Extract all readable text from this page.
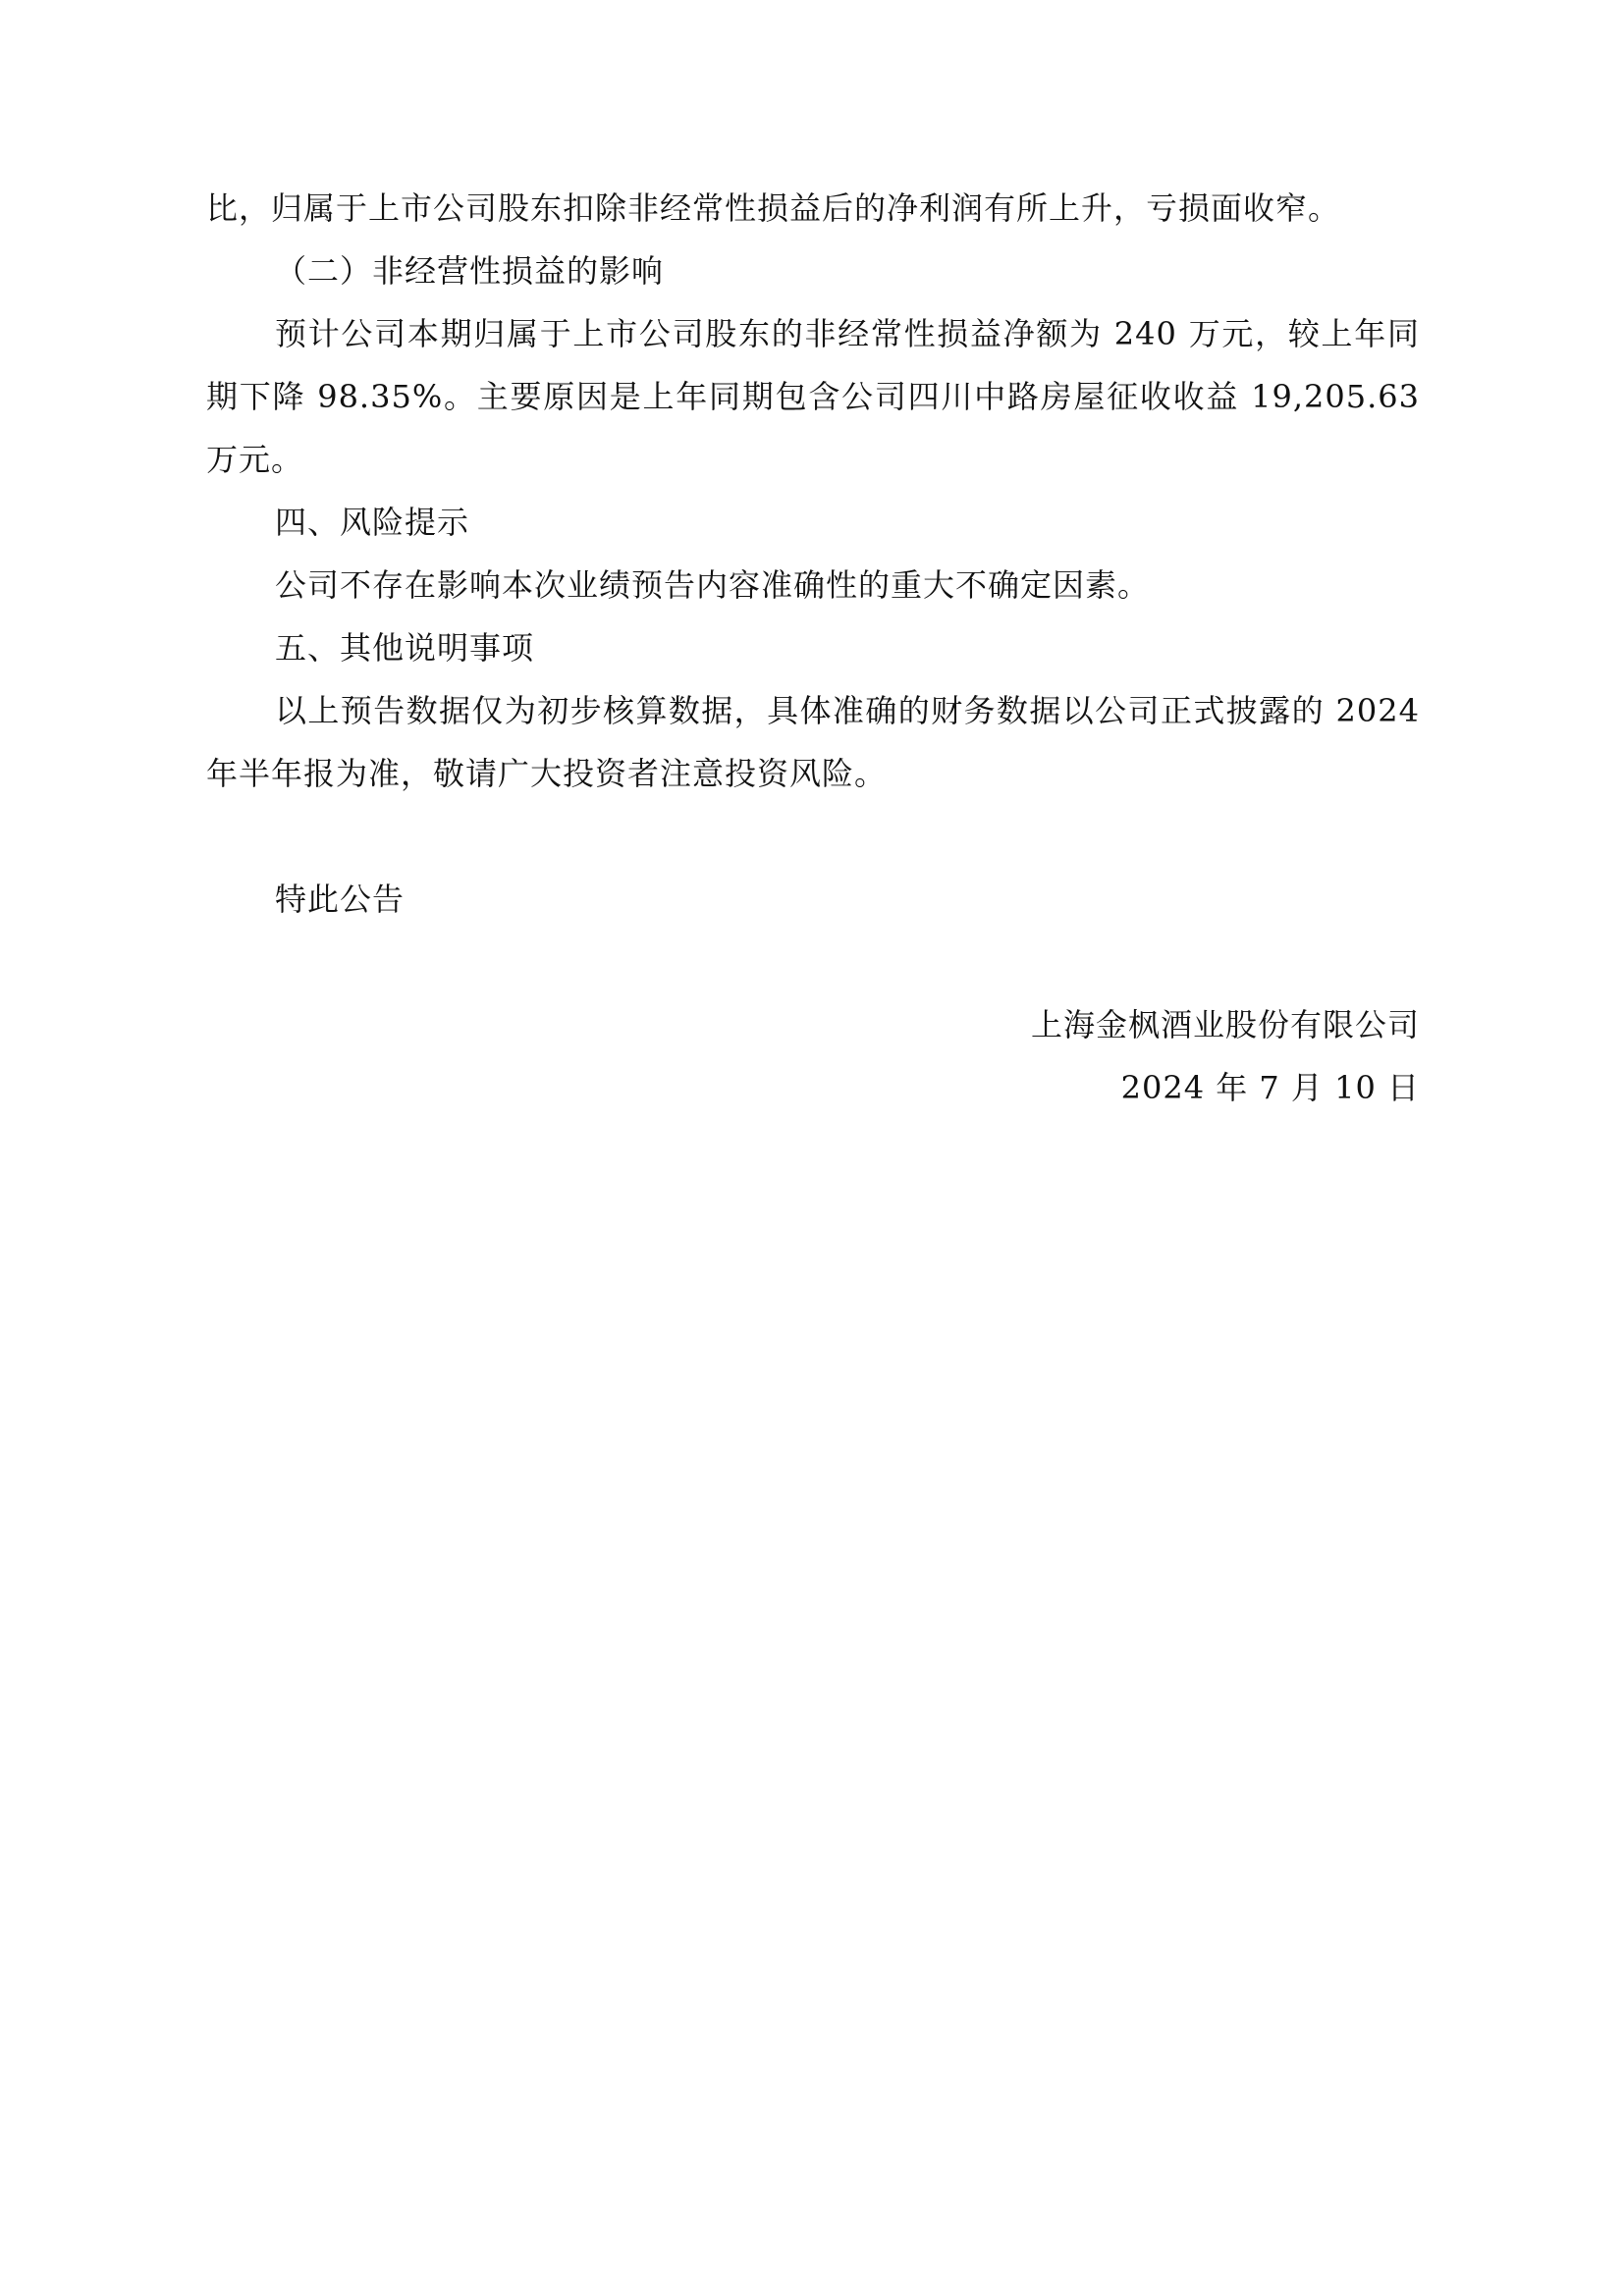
比，归属于上市公司股东扣除非经常性损益后的净利润有所上升，亏损面收窄。

（二）非经营性损益的影响

预计公司本期归属于上市公司股东的非经常性损益净额为 240 万元，较上年同期下降 98.35%。主要原因是上年同期包含公司四川中路房屋征收收益 19,205.63 万元。

四、风险提示

公司不存在影响本次业绩预告内容准确性的重大不确定因素。

五、其他说明事项

以上预告数据仅为初步核算数据，具体准确的财务数据以公司正式披露的 2024 年半年报为准，敬请广大投资者注意投资风险。

特此公告

上海金枫酒业股份有限公司

2024 年 7 月 10 日
